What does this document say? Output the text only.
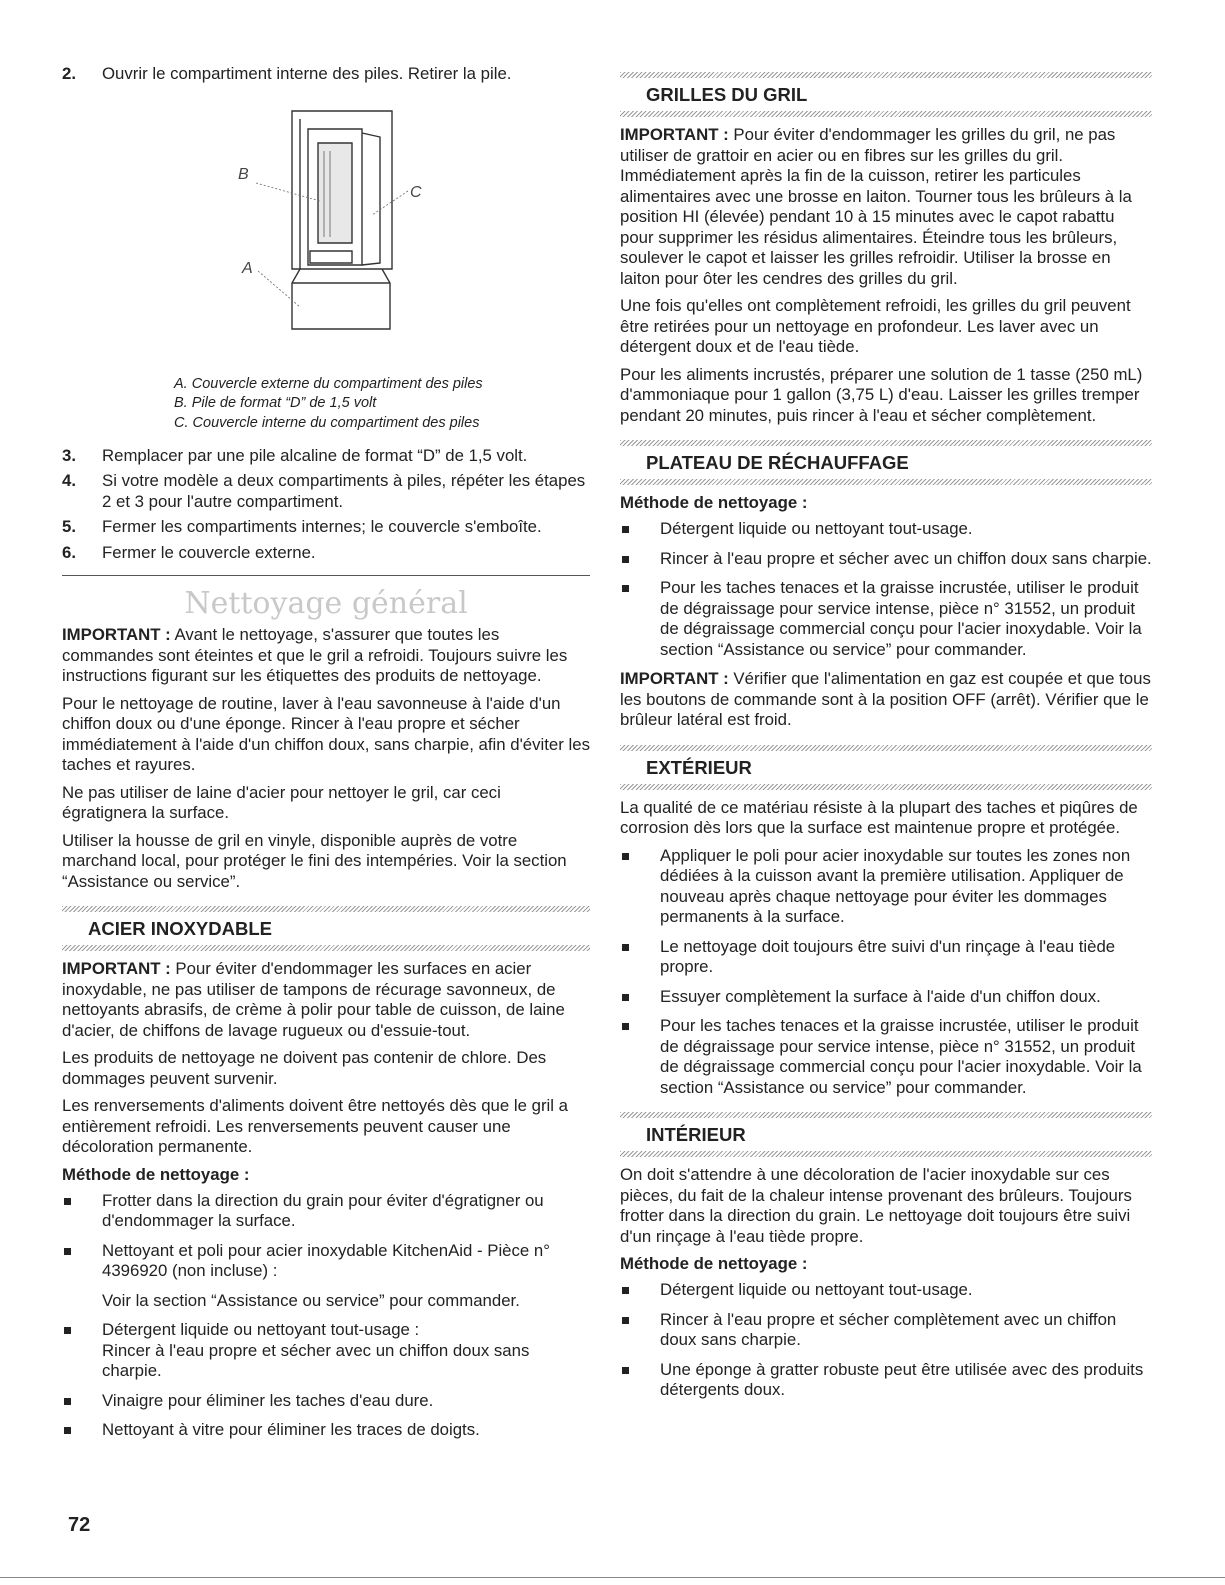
2.	Ouvrir le compartiment interne des piles. Retirer la pile.
B
C
A
A. Couvercle externe du compartiment des piles
B. Pile de format “D” de 1,5 volt
C. Couvercle interne du compartiment des piles
3.	Remplacer par une pile alcaline de format “D” de 1,5 volt.
4.	Si votre modèle a deux compartiments à piles, répéter les étapes 2 et 3 pour l'autre compartiment.
5.	Fermer les compartiments internes; le couvercle s'emboîte.
6.	Fermer le couvercle externe.
Nettoyage général

IMPORTANT : Avant le nettoyage, s'assurer que toutes les commandes sont éteintes et que le gril a refroidi. Toujours suivre les instructions figurant sur les étiquettes des produits de nettoyage.

Pour le nettoyage de routine, laver à l'eau savonneuse à l'aide d'un chiffon doux ou d'une éponge. Rincer à l'eau propre et sécher immédiatement à l'aide d'un chiffon doux, sans charpie, afin d'éviter les taches et rayures.

Ne pas utiliser de laine d'acier pour nettoyer le gril, car ceci égratignera la surface.

Utiliser la housse de gril en vinyle, disponible auprès de votre marchand local, pour protéger le fini des intempéries. Voir la section “Assistance ou service”.

ACIER INOXYDABLE

IMPORTANT : Pour éviter d'endommager les surfaces en acier inoxydable, ne pas utiliser de tampons de récurage savonneux, de nettoyants abrasifs, de crème à polir pour table de cuisson, de laine d'acier, de chiffons de lavage rugueux ou d'essuie-tout.

Les produits de nettoyage ne doivent pas contenir de chlore. Des dommages peuvent survenir.

Les renversements d'aliments doivent être nettoyés dès que le gril a entièrement refroidi. Les renversements peuvent causer une décoloration permanente.

Méthode de nettoyage :
Frotter dans la direction du grain pour éviter d'égratigner ou d'endommager la surface.
Nettoyant et poli pour acier inoxydable KitchenAid - Pièce n° 4396920 (non incluse) :
Voir la section “Assistance ou service” pour commander.
Détergent liquide ou nettoyant tout-usage :
Rincer à l'eau propre et sécher avec un chiffon doux sans charpie.
Vinaigre pour éliminer les taches d'eau dure.
Nettoyant à vitre pour éliminer les traces de doigts.
GRILLES DU GRIL

IMPORTANT : Pour éviter d'endommager les grilles du gril, ne pas utiliser de grattoir en acier ou en fibres sur les grilles du gril. Immédiatement après la fin de la cuisson, retirer les particules alimentaires avec une brosse en laiton. Tourner tous les brûleurs à la position HI (élevée) pendant 10 à 15 minutes avec le capot rabattu pour supprimer les résidus alimentaires. Éteindre tous les brûleurs, soulever le capot et laisser les grilles refroidir. Utiliser la brosse en laiton pour ôter les cendres des grilles du gril.

Une fois qu'elles ont complètement refroidi, les grilles du gril peuvent être retirées pour un nettoyage en profondeur. Les laver avec un détergent doux et de l'eau tiède.

Pour les aliments incrustés, préparer une solution de 1 tasse (250 mL) d'ammoniaque pour 1 gallon (3,75 L) d'eau. Laisser les grilles tremper pendant 20 minutes, puis rincer à l'eau et sécher complètement.

PLATEAU DE RÉCHAUFFAGE
Méthode de nettoyage :
Détergent liquide ou nettoyant tout-usage.
Rincer à l'eau propre et sécher avec un chiffon doux sans charpie.
Pour les taches tenaces et la graisse incrustée, utiliser le produit de dégraissage pour service intense, pièce n° 31552, un produit de dégraissage commercial conçu pour l'acier inoxydable. Voir la section “Assistance ou service” pour commander.

IMPORTANT : Vérifier que l'alimentation en gaz est coupée et que tous les boutons de commande sont à la position OFF (arrêt). Vérifier que le brûleur latéral est froid.

EXTÉRIEUR

La qualité de ce matériau résiste à la plupart des taches et piqûres de corrosion dès lors que la surface est maintenue propre et protégée.

Appliquer le poli pour acier inoxydable sur toutes les zones non dédiées à la cuisson avant la première utilisation. Appliquer de nouveau après chaque nettoyage pour éviter les dommages permanents à la surface.
Le nettoyage doit toujours être suivi d'un rinçage à l'eau tiède propre.
Essuyer complètement la surface à l'aide d'un chiffon doux.
Pour les taches tenaces et la graisse incrustée, utiliser le produit de dégraissage pour service intense, pièce n° 31552, un produit de dégraissage commercial conçu pour l'acier inoxydable. Voir la section “Assistance ou service” pour commander.
INTÉRIEUR

On doit s'attendre à une décoloration de l'acier inoxydable sur ces pièces, du fait de la chaleur intense provenant des brûleurs. Toujours frotter dans la direction du grain. Le nettoyage doit toujours être suivi d'un rinçage à l'eau tiède propre.

Méthode de nettoyage :
Détergent liquide ou nettoyant tout-usage.
Rincer à l'eau propre et sécher complètement avec un chiffon doux sans charpie.
Une éponge à gratter robuste peut être utilisée avec des produits détergents doux.
72
